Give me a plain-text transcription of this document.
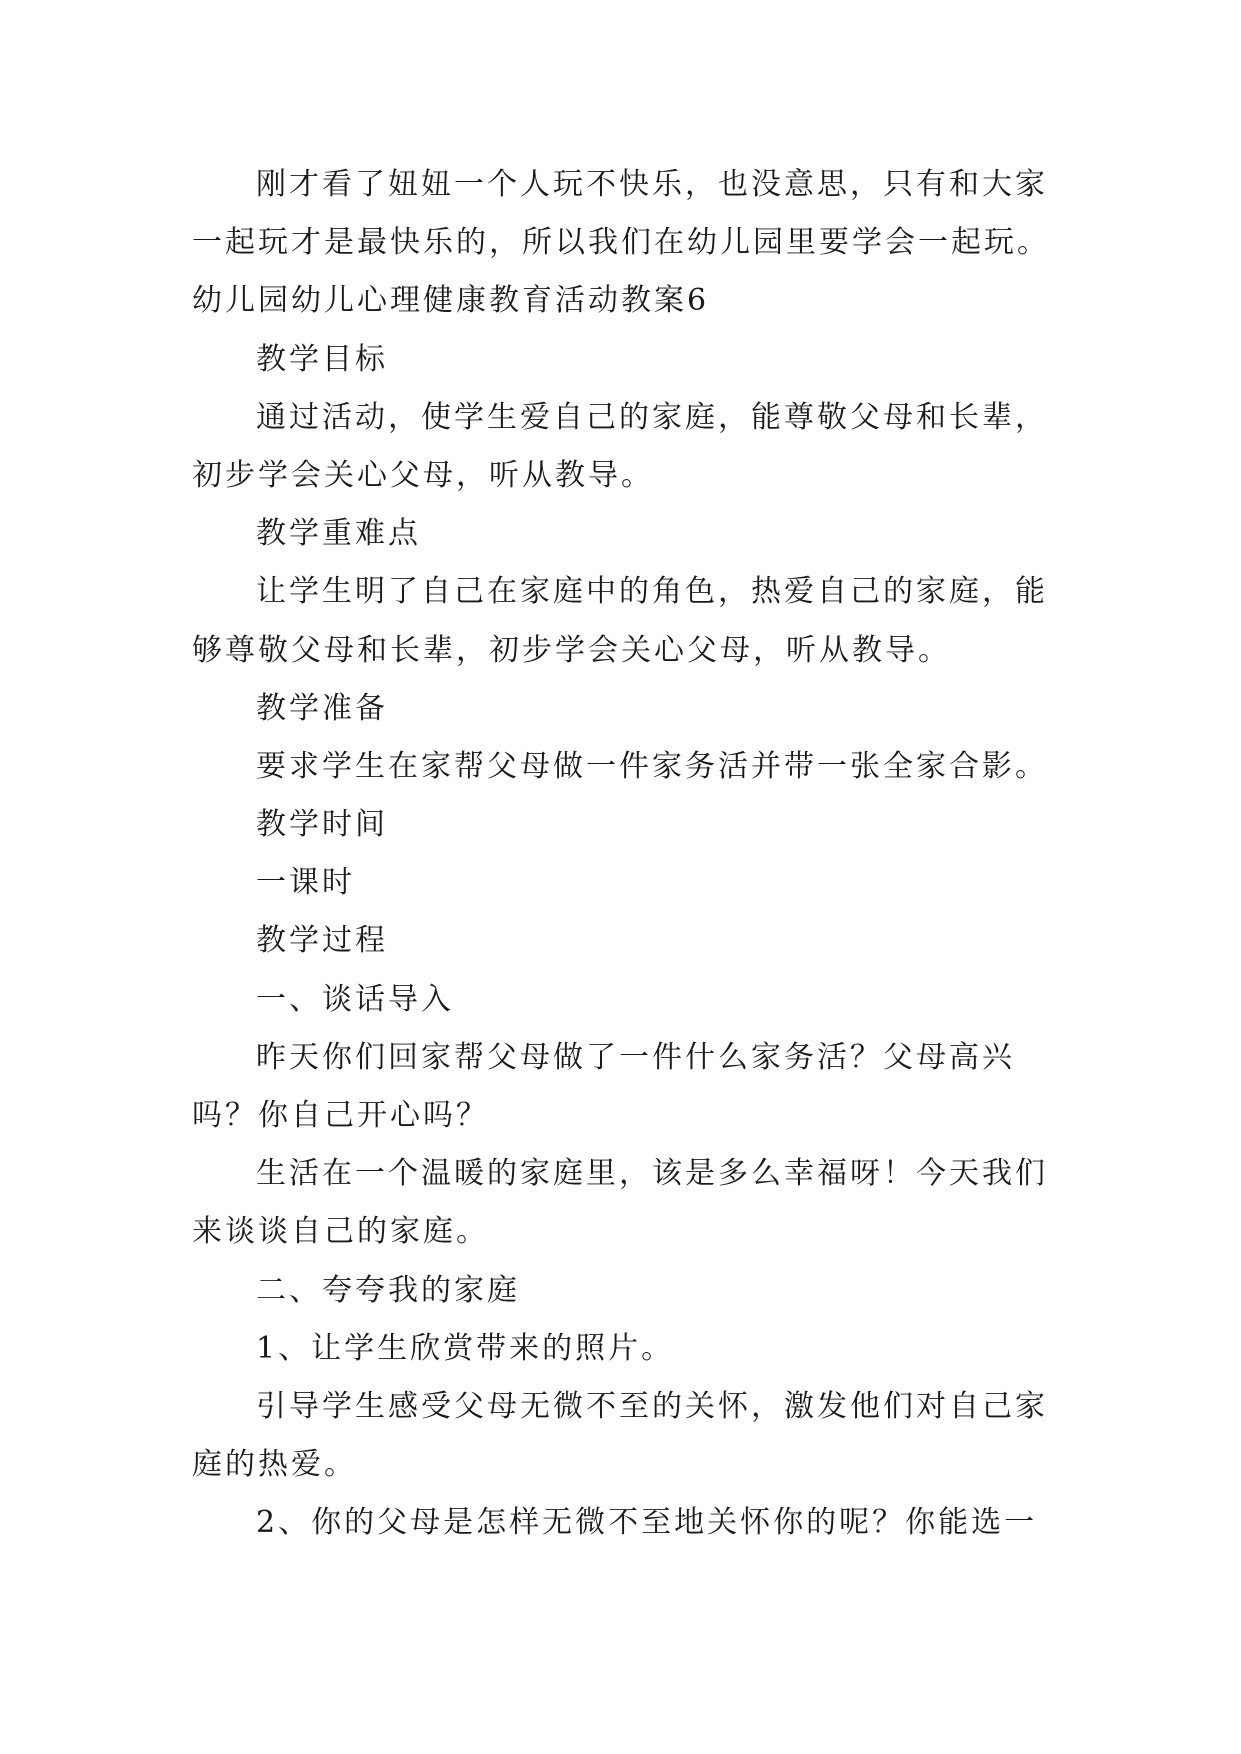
刚才看了妞妞一个人玩不快乐，也没意思，只有和大家
一起玩才是最快乐的，所以我们在幼儿园里要学会一起玩。
幼儿园幼儿心理健康教育活动教案6
教学目标
通过活动，使学生爱自己的家庭，能尊敬父母和长辈，
初步学会关心父母，听从教导。
教学重难点
让学生明了自己在家庭中的角色，热爱自己的家庭，能
够尊敬父母和长辈，初步学会关心父母，听从教导。
教学准备
要求学生在家帮父母做一件家务活并带一张全家合影。
教学时间
一课时
教学过程
一、谈话导入
昨天你们回家帮父母做了一件什么家务活？父母高兴
吗？你自己开心吗？
生活在一个温暖的家庭里，该是多么幸福呀！今天我们
来谈谈自己的家庭。
二、夸夸我的家庭
1、让学生欣赏带来的照片。
引导学生感受父母无微不至的关怀，激发他们对自己家
庭的热爱。
2、你的父母是怎样无微不至地关怀你的呢？你能选一
